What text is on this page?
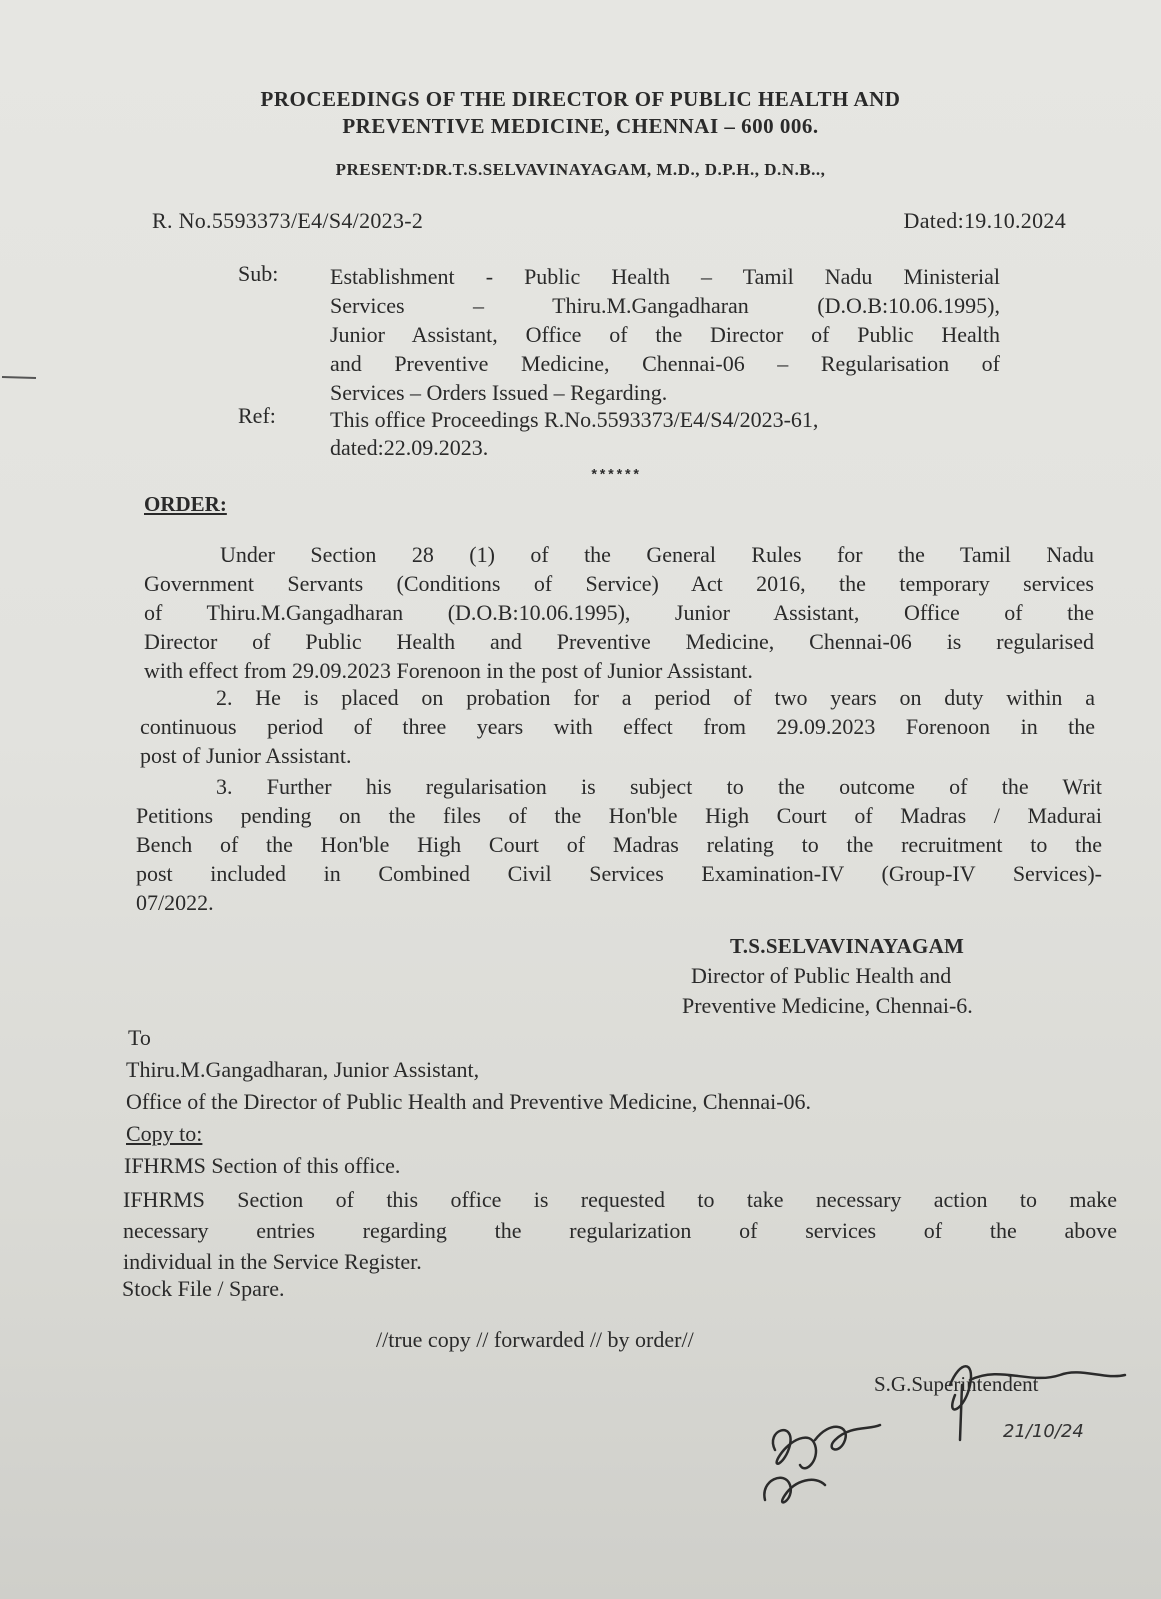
PROCEEDINGS OF THE DIRECTOR OF PUBLIC HEALTH AND
PREVENTIVE MEDICINE, CHENNAI – 600 006.
PRESENT:DR.T.S.SELVAVINAYAGAM, M.D., D.P.H., D.N.B..,
R. No.5593373/E4/S4/2023-2	Dated:19.10.2024
Sub: Establishment - Public Health – Tamil Nadu Ministerial
Services – Thiru.M.Gangadharan (D.O.B:10.06.1995),
Junior Assistant, Office of the Director of Public Health
and Preventive Medicine, Chennai-06 – Regularisation of
Services – Orders Issued – Regarding.
Ref: This office Proceedings R.No.5593373/E4/S4/2023-61,
dated:22.09.2023.
******
ORDER:
Under Section 28 (1) of the General Rules for the Tamil Nadu
Government Servants (Conditions of Service) Act 2016, the temporary services
of Thiru.M.Gangadharan (D.O.B:10.06.1995), Junior Assistant, Office of the
Director of Public Health and Preventive Medicine, Chennai-06 is regularised
with effect from 29.09.2023 Forenoon in the post of Junior Assistant.
2. He is placed on probation for a period of two years on duty within a
continuous period of three years with effect from 29.09.2023 Forenoon in the
post of Junior Assistant.
3. Further his regularisation is subject to the outcome of the Writ
Petitions pending on the files of the Hon'ble High Court of Madras / Madurai
Bench of the Hon'ble High Court of Madras relating to the recruitment to the
post included in Combined Civil Services Examination-IV (Group-IV Services)-
07/2022.
T.S.SELVAVINAYAGAM
Director of Public Health and
Preventive Medicine, Chennai-6.
To
Thiru.M.Gangadharan, Junior Assistant,
Office of the Director of Public Health and Preventive Medicine, Chennai-06.
Copy to:
IFHRMS Section of this office.
IFHRMS Section of this office is requested to take necessary action to make
necessary entries regarding the regularization of services of the above
individual in the Service Register.
Stock File / Spare.
//true copy // forwarded // by order//
S.G.Superintendent
21/10/24
